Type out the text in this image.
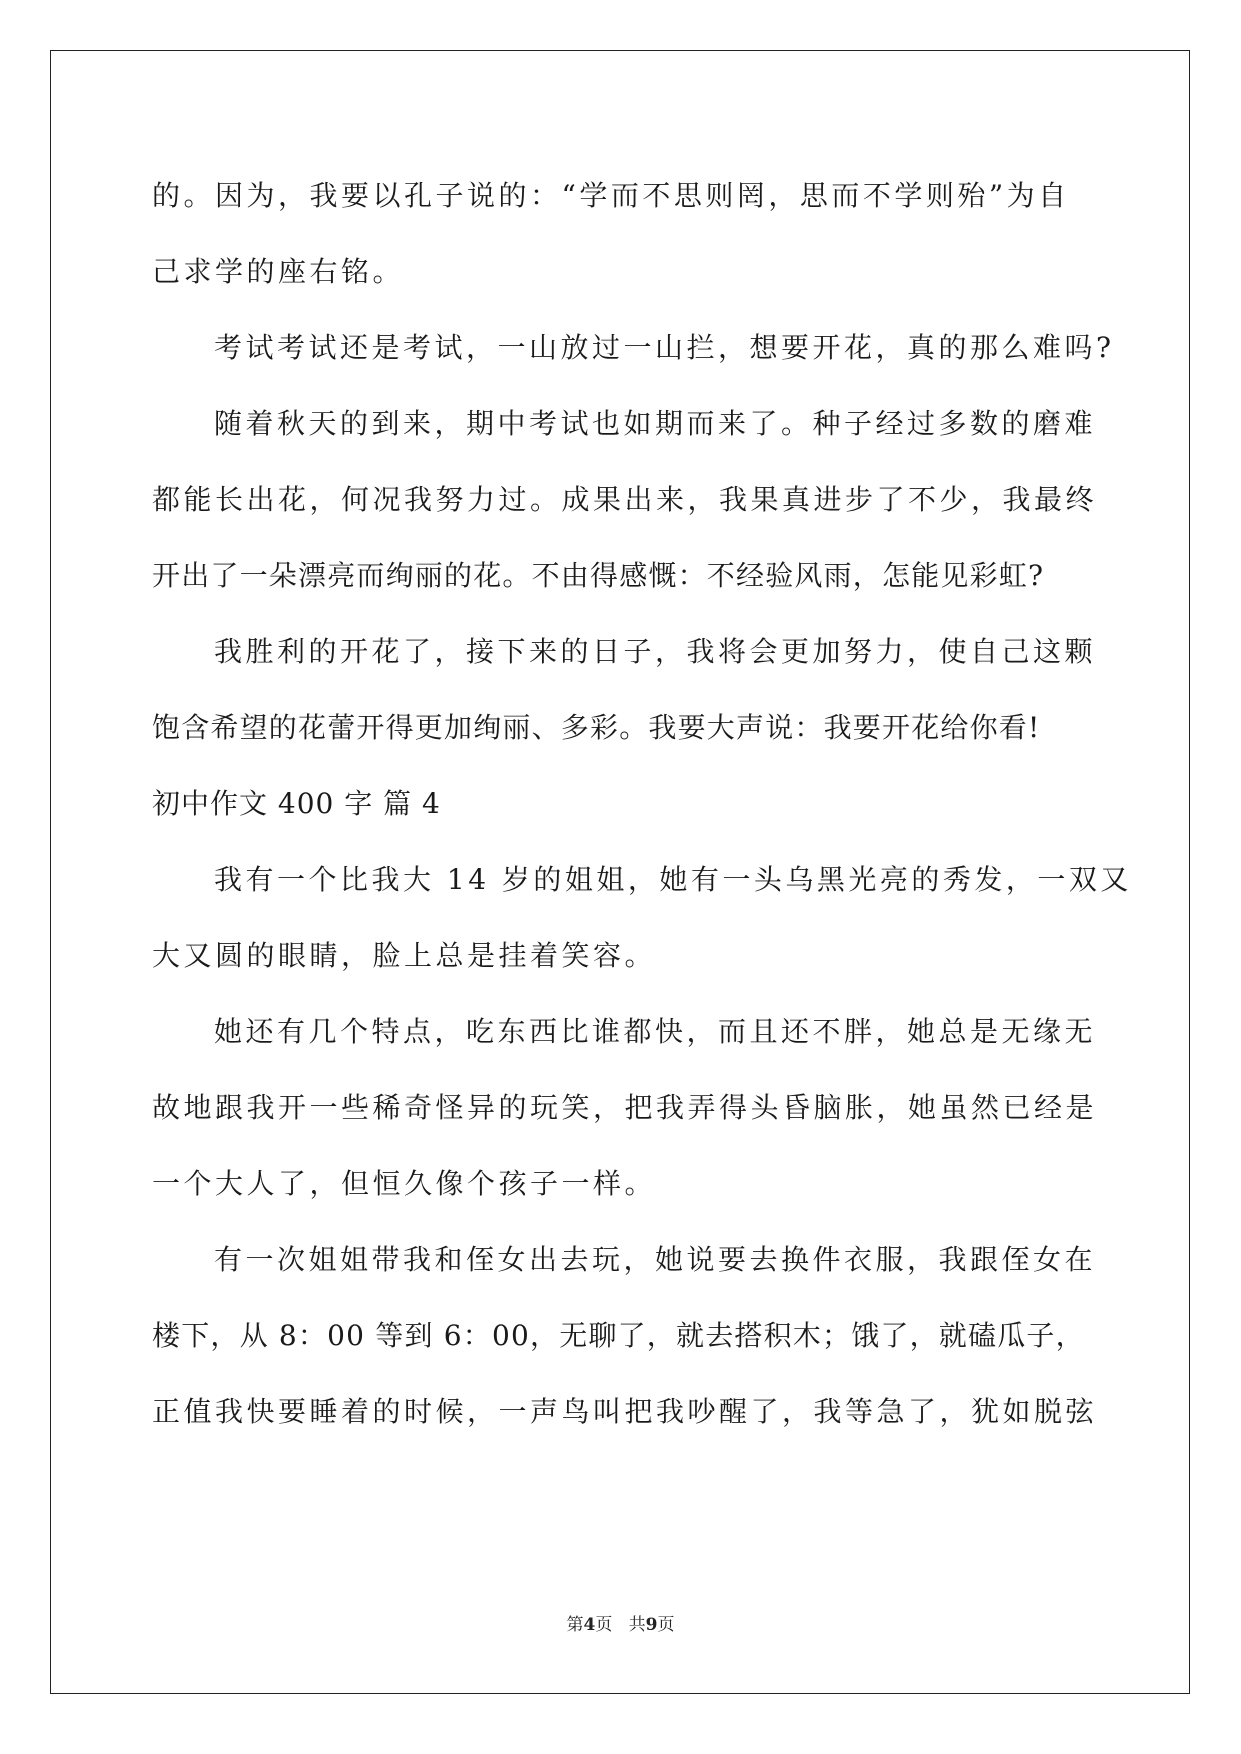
的。因为，我要以孔子说的：“学而不思则罔，思而不学则殆”为自
己求学的座右铭。
考试考试还是考试，一山放过一山拦，想要开花，真的那么难吗?
随着秋天的到来，期中考试也如期而来了。种子经过多数的磨难
都能长出花，何况我努力过。成果出来，我果真进步了不少，我最终
开出了一朵漂亮而绚丽的花。不由得感慨：不经验风雨，怎能见彩虹?
我胜利的开花了，接下来的日子，我将会更加努力，使自己这颗
饱含希望的花蕾开得更加绚丽、多彩。我要大声说：我要开花给你看!
初中作文 400 字 篇 4
我有一个比我大 14 岁的姐姐，她有一头乌黑光亮的秀发，一双又
大又圆的眼睛，脸上总是挂着笑容。
她还有几个特点，吃东西比谁都快，而且还不胖，她总是无缘无
故地跟我开一些稀奇怪异的玩笑，把我弄得头昏脑胀，她虽然已经是
一个大人了，但恒久像个孩子一样。
有一次姐姐带我和侄女出去玩，她说要去换件衣服，我跟侄女在
楼下，从 8：00 等到 6：00，无聊了，就去搭积木；饿了，就磕瓜子，
正值我快要睡着的时候，一声鸟叫把我吵醒了，我等急了，犹如脱弦
第4页   共9页
